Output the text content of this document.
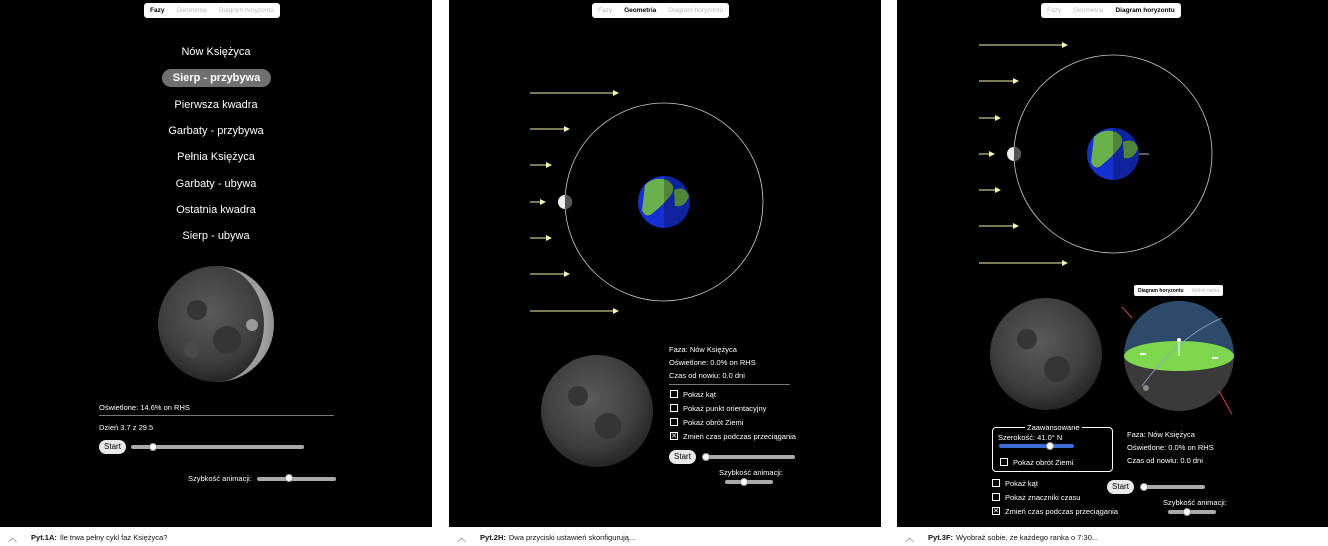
Fazy Geometria Diagram horyzontu
Nów Księżyca
Sierp - przybywa
Pierwsza kwadra
Garbaty - przybywa
Pełnia Księżyca
Garbaty - ubywa
Ostatnia kwadra
Sierp - ubywa
Oświetlone: 14.6% on RHS
Dzień 3.7 z 29.5
Start
Szybkość animacji:
︿ Pyt.1A: Ile trwa pełny cykl faz Księżyca?
Fazy Geometria Diagram horyzontu
Faza: Nów Księżyca
Oświetlone: 0.0% on RHS
Czas od nowiu: 0.0 dni
Pokaż kąt
Pokaż punkt orientacyjny
Pokaż obrót Ziemi
✕ Zmień czas podczas przeciągania
Start
Szybkość animacji:
︿ Pyt.2H: Dwa przyciski ustawień skonfigurują...
Fazy Geometria Diagram horyzontu
Diagram horyzontu Widok nieba
Zaawansowane
Szerokość: 41.0° N
Pokaż obrót Ziemi
Faza: Nów Księżyca
Oświetlone: 0.0% on RHS
Czas od nowiu: 0.0 dni
Pokaż kąt
Pokaż znaczniki czasu
✕ Zmień czas podczas przeciągania
Start
Szybkość animacji:
︿ Pyt.3F: Wyobraź sobie, że każdego ranka o 7:30...
